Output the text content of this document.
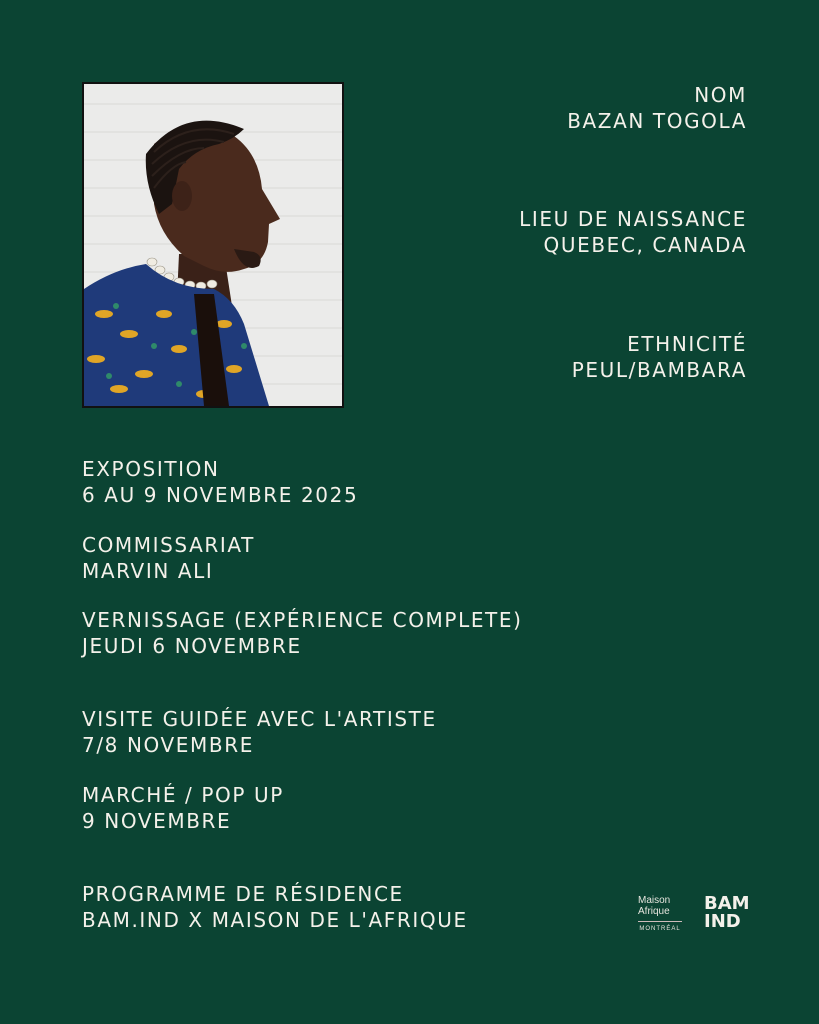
NOM
BAZAN TOGOLA
LIEU DE NAISSANCE
QUEBEC, CANADA
ETHNICITÉ
PEUL/BAMBARA
EXPOSITION
6 AU 9 NOVEMBRE 2025
COMMISSARIAT
MARVIN ALI
VERNISSAGE (EXPÉRIENCE COMPLETE)
JEUDI 6 NOVEMBRE
VISITE GUIDÉE AVEC L'ARTISTE
7/8 NOVEMBRE
MARCHÉ / POP UP
9 NOVEMBRE
PROGRAMME DE RÉSIDENCE
BAM.IND X MAISON DE L'AFRIQUE
Maison
Afrique
MONTRÉAL
BAM
IND
